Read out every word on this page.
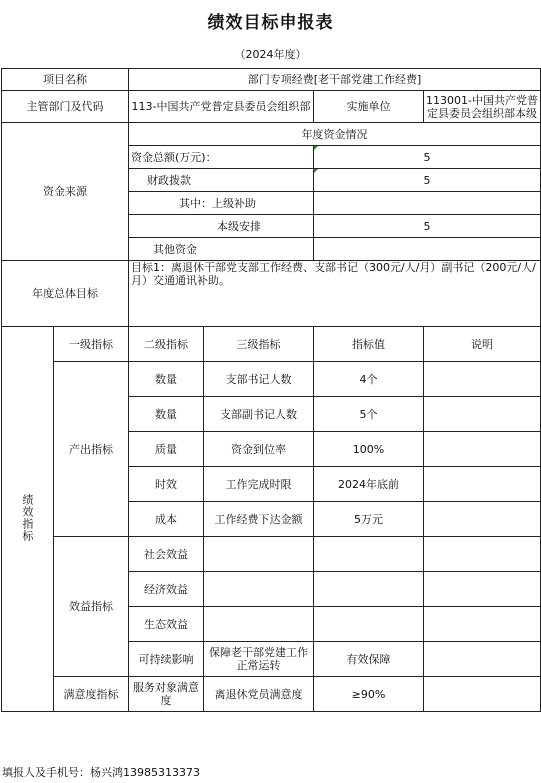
绩效目标申报表
（2024年度）
项目名称		部门专项经费[老干部党建工作经费]			
主管部门及代码		113-中国共产党普定县委员会组织部		实施单位	113001-中国共产党普定县委员会组织部本级
资金来源		年度资金情况			
		资金总额(万元)：		5	
		财政拨款		5	
		其中：上级补助			
		本级安排		5	
		其他资金			
年度总体目标		目标1：离退休干部党支部工作经费、支部书记（300元/人/月）副书记（200元/人/月）交通通讯补助。			
绩效指标	一级指标	二级指标	三级指标	指标值	说明
	产出指标	数量	支部书记人数	4个	
		数量	支部副书记人数	5个	
		质量	资金到位率	100%	
		时效	工作完成时限	2024年底前	
		成本	工作经费下达金额	5万元	
	效益指标	社会效益			
		经济效益			
		生态效益			
		可持续影响	保障老干部党建工作正常运转	有效保障	
	满意度指标	服务对象满意度	离退休党员满意度	≥90%	
填报人及手机号：杨兴鸿13985313373
